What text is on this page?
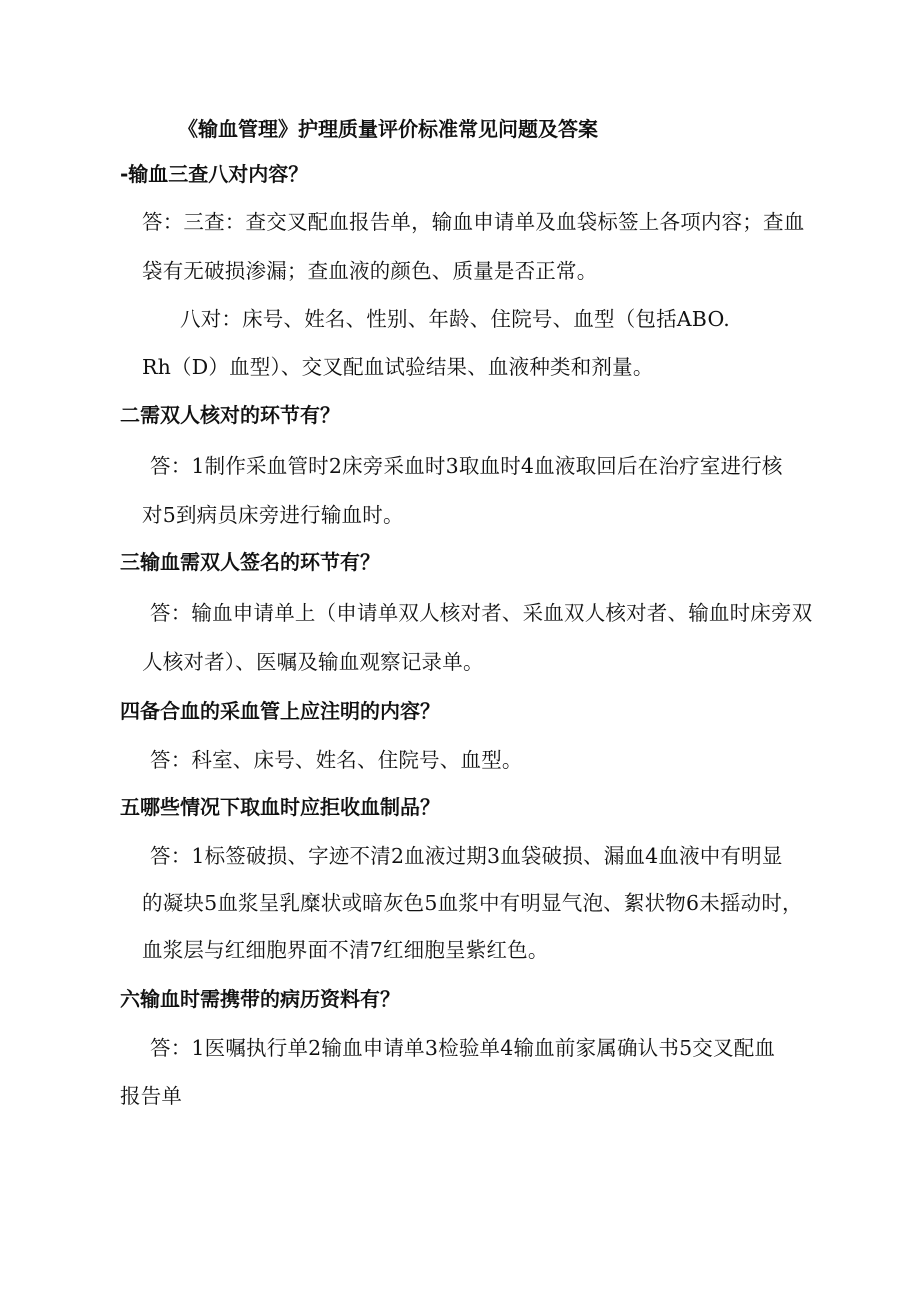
《输血管理》护理质量评价标准常见问题及答案
-输血三查八对内容？
答：三查：查交叉配血报告单，输血申请单及血袋标签上各项内容；查血
袋有无破损渗漏；查血液的颜色、质量是否正常。
八对：床号、姓名、性别、年龄、住院号、血型（包括ABO.
Rh（D）血型）、交叉配血试验结果、血液种类和剂量。
二需双人核对的环节有？
答：1制作采血管时2床旁采血时3取血时4血液取回后在治疗室进行核
对5到病员床旁进行输血时。
三输血需双人签名的环节有？
答：输血申请单上（申请单双人核对者、采血双人核对者、输血时床旁双
人核对者）、医嘱及输血观察记录单。
四备合血的采血管上应注明的内容？
答：科室、床号、姓名、住院号、血型。
五哪些情况下取血时应拒收血制品？
答：1标签破损、字迹不清2血液过期3血袋破损、漏血4血液中有明显
的凝块5血浆呈乳糜状或暗灰色5血浆中有明显气泡、絮状物6未摇动时，
血浆层与红细胞界面不清7红细胞呈紫红色。
六输血时需携带的病历资料有？
答：1医嘱执行单2输血申请单3检验单4输血前家属确认书5交叉配血
报告单
